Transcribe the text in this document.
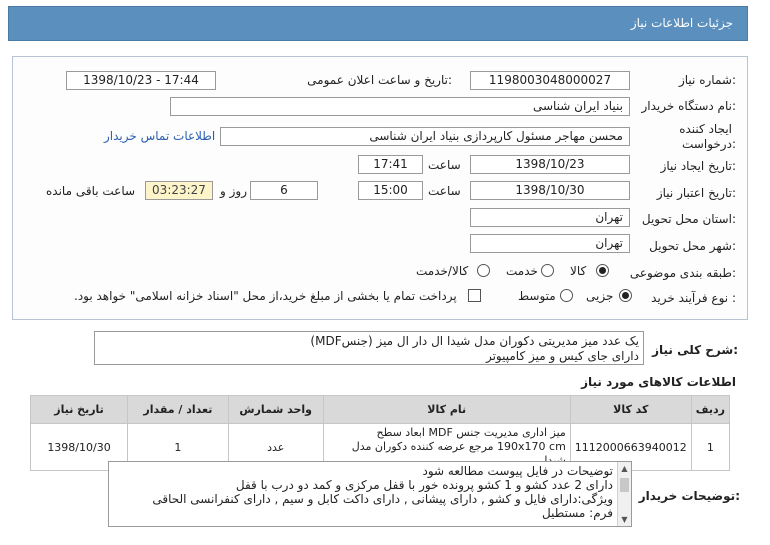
جزئیات اطلاعات نیاز
شماره نیاز:
1198003048000027
تاریخ و ساعت اعلان عمومی:
1398/10/23 - 17:44
نام دستگاه خریدار:
بنیاد ایران شناسی
ایجاد کننده
درخواست:
محسن مهاجر مسئول کارپردازی بنیاد ایران شناسی
اطلاعات تماس خریدار
تاریخ ایجاد نیاز:
1398/10/23
ساعت
17:41
تاریخ اعتبار نیاز:
1398/10/30
ساعت
15:00
6
روز و
03:23:27
ساعت باقی مانده
استان محل تحویل:
تهران
شهر محل تحویل:
تهران
طبقه بندی موضوعی:
کالا
خدمت
کالا/خدمت
نوع فرآیند خرید :
جزیی
متوسط
پرداخت تمام یا بخشی از مبلغ خرید،از محل "اسناد خزانه اسلامی" خواهد بود.
شرح کلی نیاز:
یک عدد میز مدیریتی دکوران مدل شیدا ال دار ال میز (جنسMDF)
دارای جای کیس و میز کامپیوتر
اطلاعات کالاهای مورد نیاز
ردیف	کد کالا	نام کالا	واحد شمارش	تعداد / مقدار	تاریخ نیاز
1	1112000663940012	میز اداری مدیریت جنس MDF ابعاد سطح 190x170 cm مرجع عرضه کننده دکوران مدل	عدد	1	1398/10/30
توضیحات خریدار:
توضیحات در فایل پیوست مطالعه شود
دارای 2 عدد کشو و 1 کشو پرونده خور با قفل مرکزی و کمد دو درب با قفل
ویژگی:دارای فایل و کشو , دارای پیشانی , دارای داکت کابل و سیم , دارای کنفرانسی الحاقی
فرم: مستطیل
▲
▼
